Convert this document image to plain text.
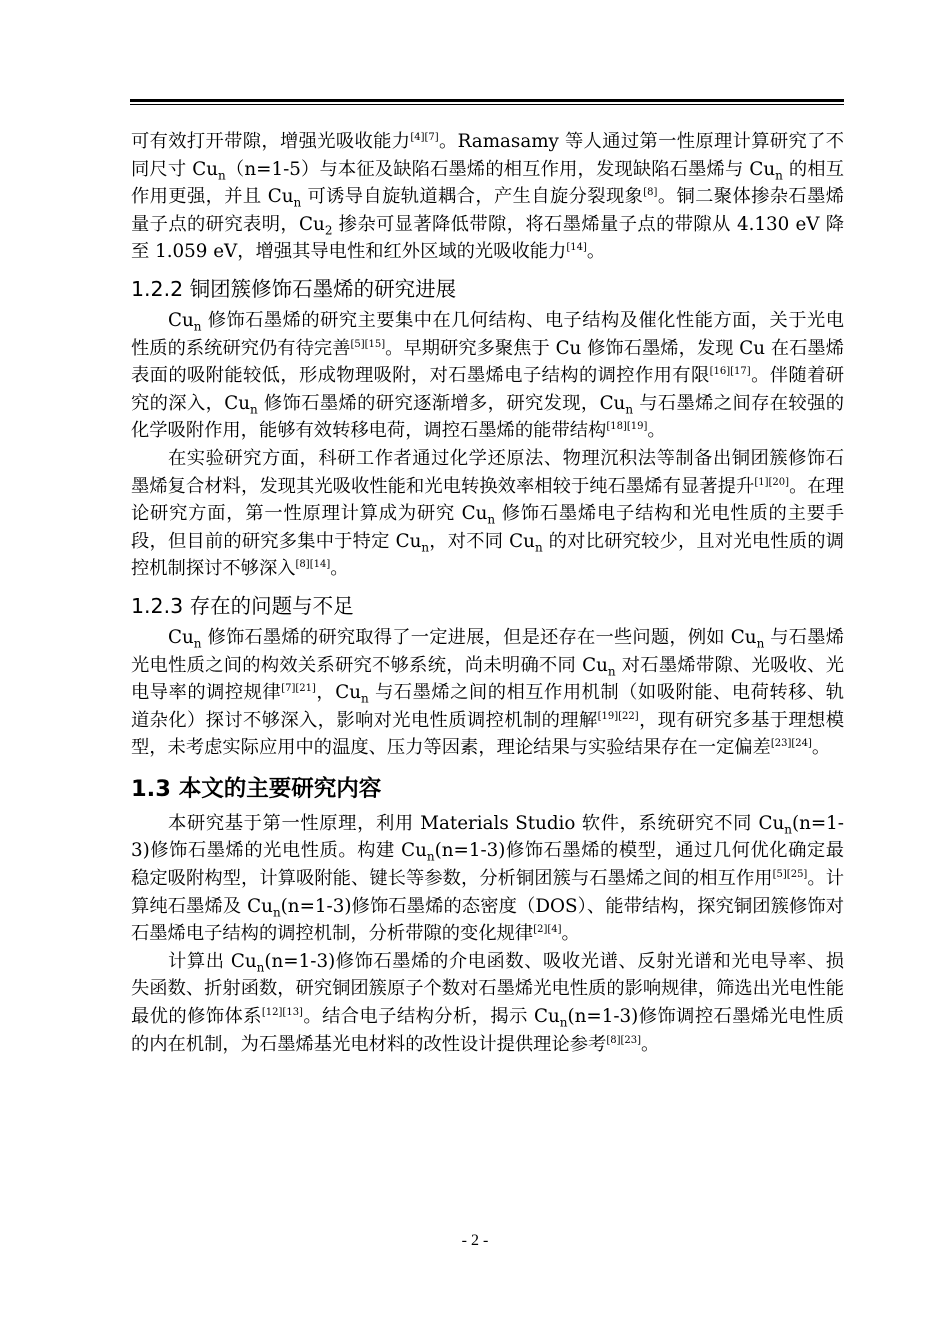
可有效打开带隙，增强光吸收能力[4][7]。Ramasamy 等人通过第一性原理计算研究了不同尺寸 $Cu_n(n=1-5)$与本征及缺陷石墨烯的相互作用，发现缺陷石墨烯与 $Cu_n$ 的相互作用更强，并且 $Cu_n$ 可诱导自旋轨道耦合，产生自旋分裂现象[8]。铜二聚体掺杂石墨烯量子点的研究表明，$Cu_2$ 掺杂可显著降低带隙，将石墨烯量子点的带隙从 4.130 eV 降至 1.059 eV，增强其导电性和红外区域的光吸收能力[14]。

1.2.2 铜团簇修饰石墨烯的研究进展

$Cu_n$ 修饰石墨烯的研究主要集中在几何结构、电子结构及催化性能方面，关于光电性质的系统研究仍有待完善[5][15]。早期研究多聚焦于 Cu 修饰石墨烯，发现 Cu 在石墨烯表面的吸附能较低，形成物理吸附，对石墨烯电子结构的调控作用有限[16][17]。伴随着研究的深入，$Cu_n$ 修饰石墨烯的研究逐渐增多，研究发现，$Cu_n$ 与石墨烯之间存在较强的化学吸附作用，能够有效转移电荷，调控石墨烯的能带结构[18][19]。

在实验研究方面，科研工作者通过化学还原法、物理沉积法等制备出铜团簇修饰石墨烯复合材料，发现其光吸收性能和光电转换效率相较于纯石墨烯有显著提升[1][20]。在理论研究方面，第一性原理计算成为研究 $Cu_n$ 修饰石墨烯电子结构和光电性质的主要手段，但目前的研究多集中于特定 $Cu_n$，对不同 $Cu_n$ 的对比研究较少，且对光电性质的调控机制探讨不够深入[8][14]。

1.2.3 存在的问题与不足

$Cu_n$ 修饰石墨烯的研究取得了一定进展，但是还存在一些问题，例如 $Cu_n$ 与石墨烯光电性质之间的构效关系研究不够系统，尚未明确不同 $Cu_n$ 对石墨烯带隙、光吸收、光电导率的调控规律[7][21]，$Cu_n$ 与石墨烯之间的相互作用机制（如吸附能、电荷转移、轨道杂化）探讨不够深入，影响对光电性质调控机制的理解[19][22]，现有研究多基于理想模型，未考虑实际应用中的温度、压力等因素，理论结果与实验结果存在一定偏差[23][24]。

1.3 本文的主要研究内容

本研究基于第一性原理，利用 Materials Studio 软件，系统研究不同 $Cu_n(n=1-3)$修饰石墨烯的光电性质。构建 $Cu_n(n=1-3)$修饰石墨烯的模型，通过几何优化确定最稳定吸附构型，计算吸附能、键长等参数，分析铜团簇与石墨烯之间的相互作用[5][25]。计算纯石墨烯及 $Cu_n(n=1-3)$修饰石墨烯的态密度（DOS）、能带结构，探究铜团簇修饰对石墨烯电子结构的调控机制，分析带隙的变化规律[2][4]。

计算出 $Cu_n(n=1-3)$修饰石墨烯的介电函数、吸收光谱、反射光谱和光电导率、损失函数、折射函数，研究铜团簇原子个数对石墨烯光电性质的影响规律，筛选出光电性能最优的修饰体系[12][13]。结合电子结构分析，揭示 $Cu_n(n=1-3)$修饰调控石墨烯光电性质的内在机制，为石墨烯基光电材料的改性设计提供理论参考[8][23]。

- 2 -
